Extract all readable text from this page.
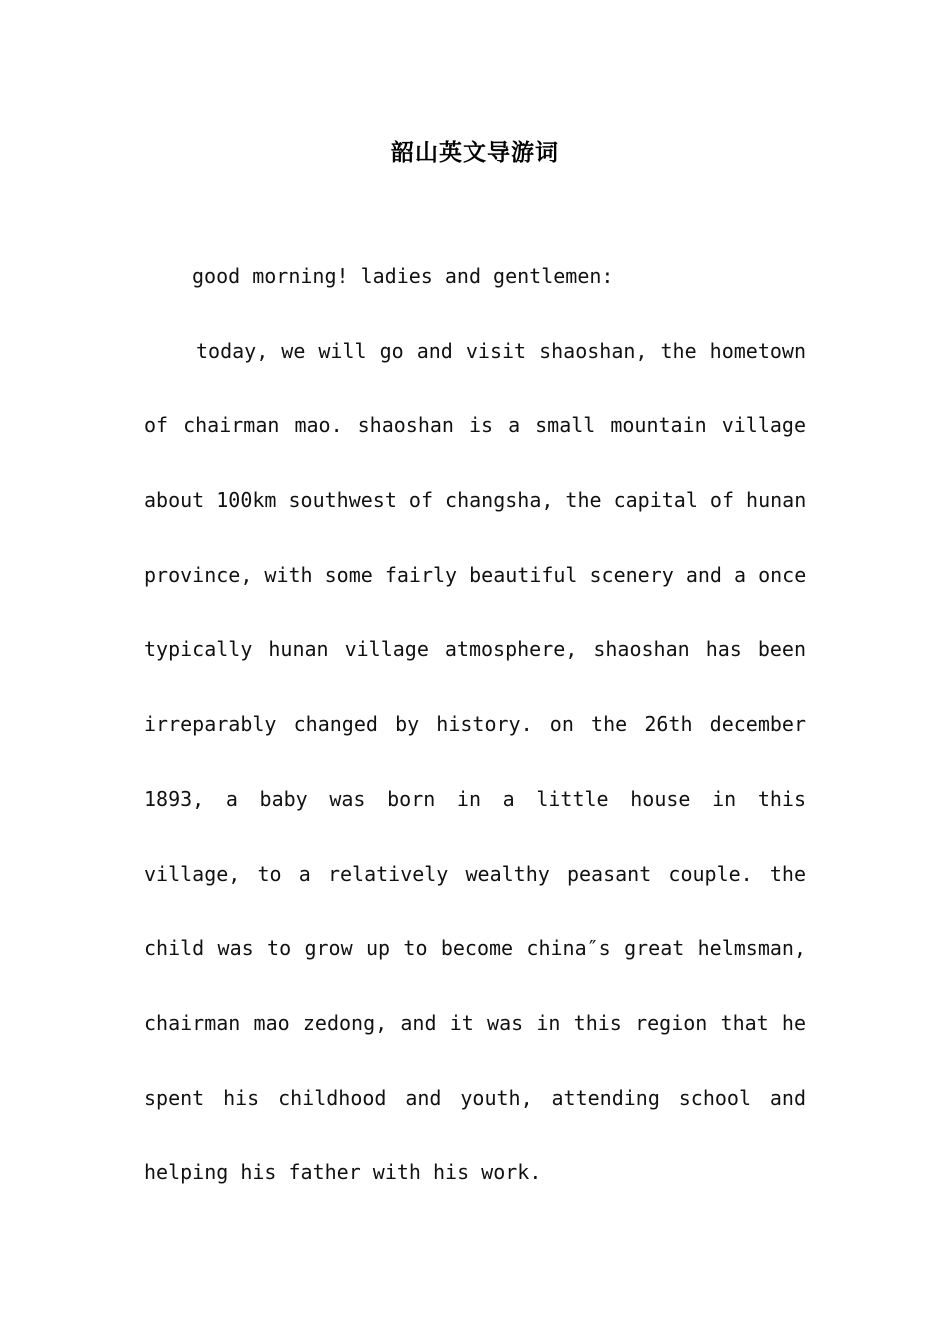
韶山英文导游词
good morning! ladies and gentlemen:
today, we will go and visit shaoshan, the hometown
of chairman mao. shaoshan is a small mountain village
about 100km southwest of changsha, the capital of hunan
province, with some fairly beautiful scenery and a once
typically hunan village atmosphere, shaoshan has been
irreparably changed by history. on the 26th december
1893, a baby was born in a little house in this
village, to a relatively wealthy peasant couple. the
child was to grow up to become china″s great helmsman,
chairman mao zedong, and it was in this region that he
spent his childhood and youth, attending school and
helping his father with his work.
